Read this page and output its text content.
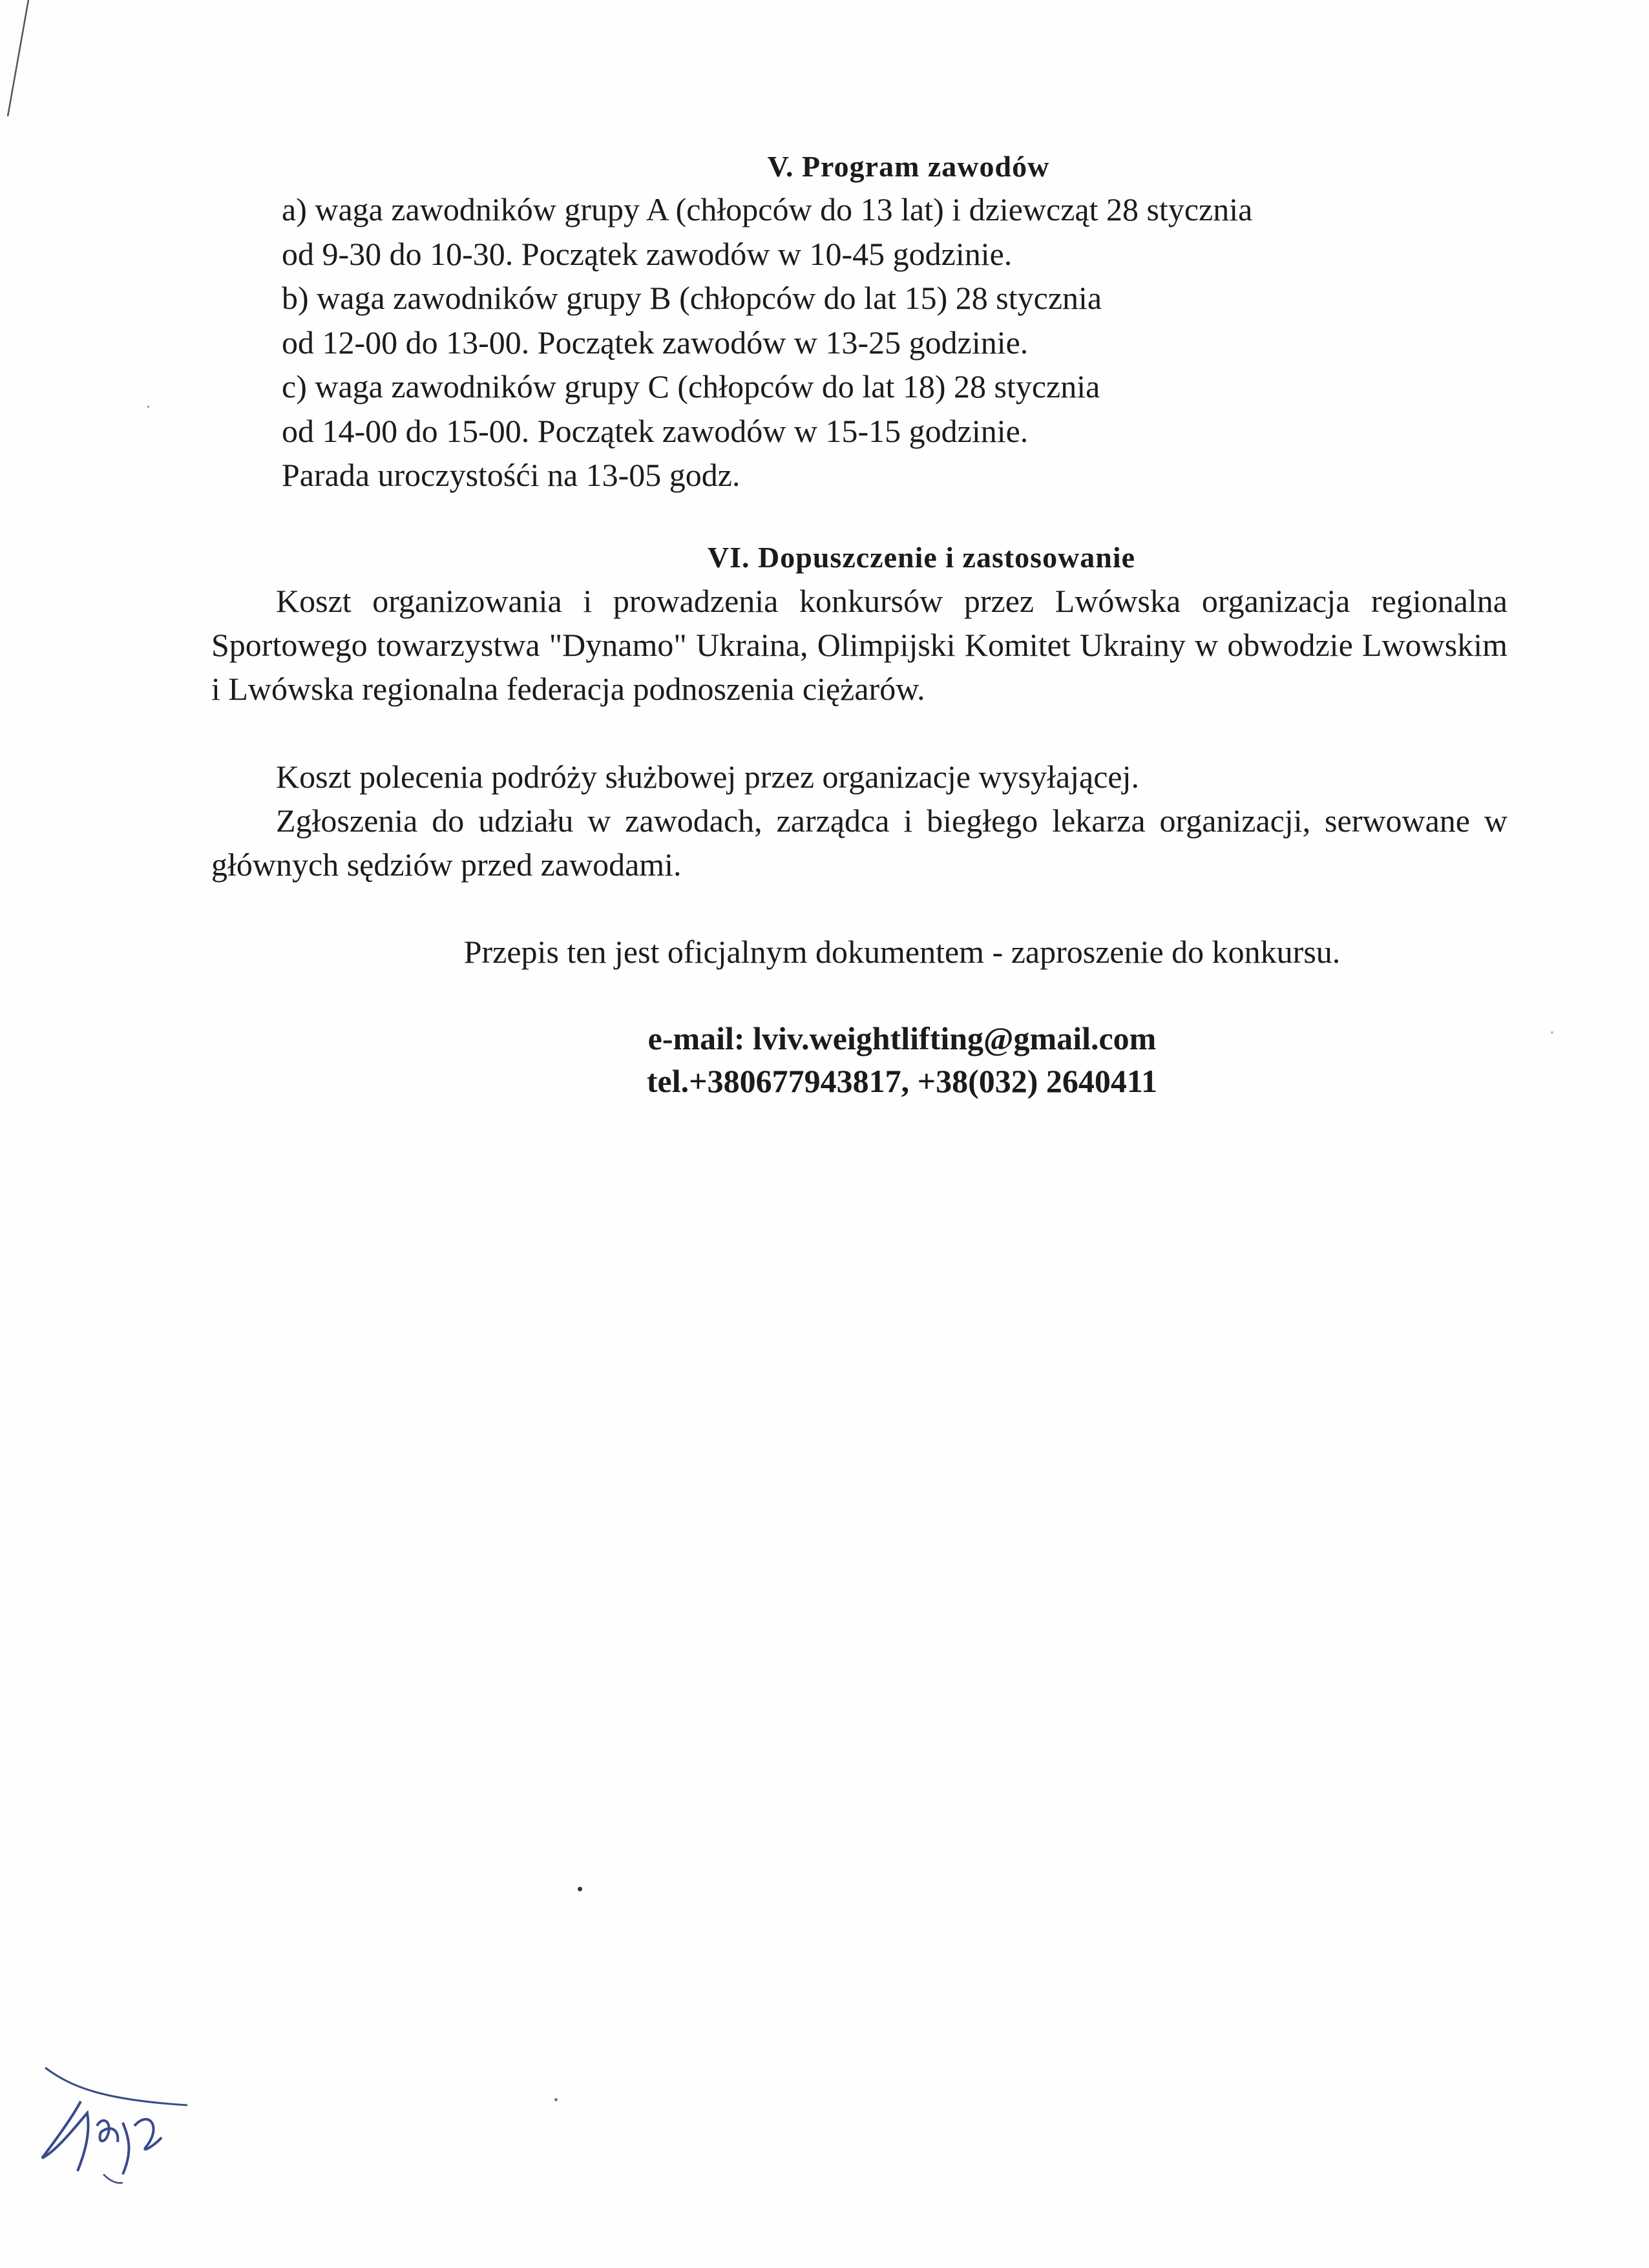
V. Program zawodów
a) waga zawodników grupy A (chłopców do 13 lat) i dziewcząt 28 stycznia
od 9-30 do 10-30. Początek zawodów w 10-45 godzinie.
b) waga zawodników grupy B (chłopców do lat 15) 28 stycznia
od 12-00 do 13-00. Początek zawodów w 13-25 godzinie.
c) waga zawodników grupy C (chłopców do lat 18) 28 stycznia
od 14-00 do 15-00. Początek zawodów w 15-15 godzinie.
Parada uroczystośći na 13-05 godz.
VI. Dopuszczenie i zastosowanie
Koszt organizowania i prowadzenia konkursów przez Lwówska organizacja regionalna Sportowego towarzystwa "Dynamo" Ukraina, Olimpijski Komitet Ukrainy w obwodzie Lwowskim i Lwówska regionalna federacja podnoszenia ciężarów.
Koszt polecenia podróży służbowej przez organizacje wysyłającej.
Zgłoszenia do udziału w zawodach, zarządca i biegłego lekarza organizacji, serwowane w głównych sędziów przed zawodami.
Przepis ten jest oficjalnym dokumentem - zaproszenie do konkursu.
e-mail: lviv.weightlifting@gmail.com
tel.+380677943817, +38(032) 2640411
